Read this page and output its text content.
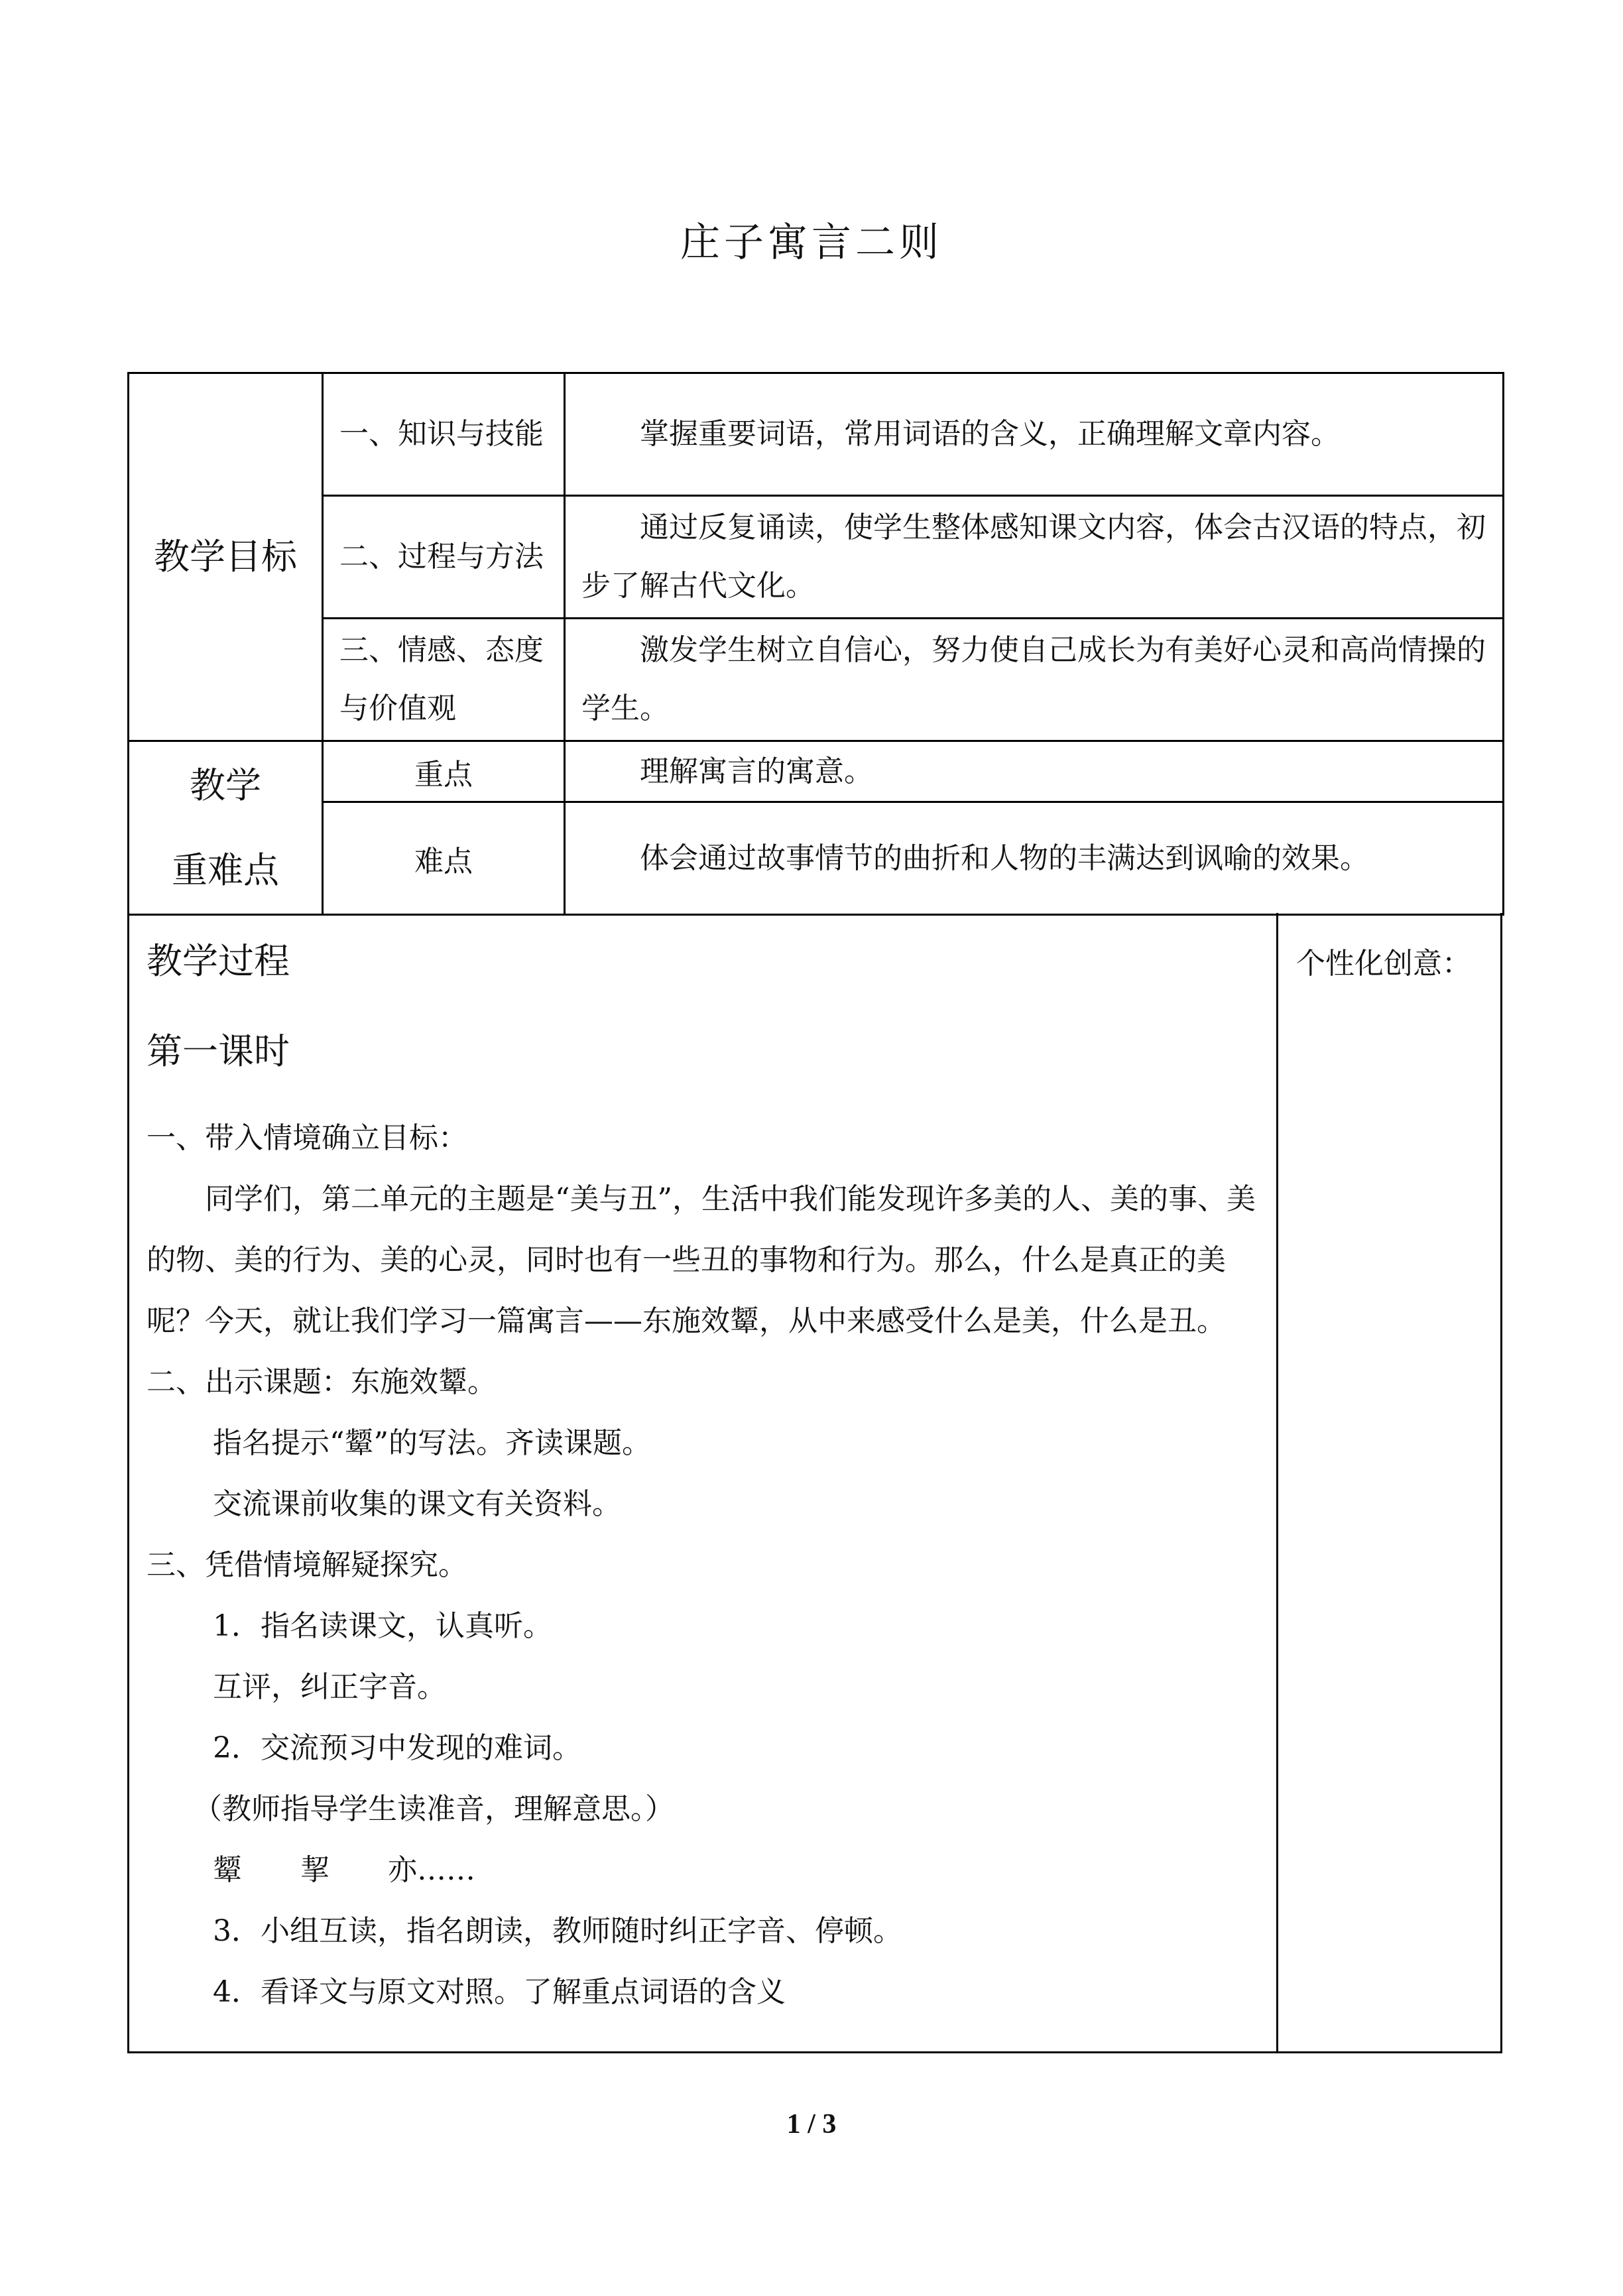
庄子寓言二则
教学目标	一、知识与技能	掌握重要词语，常用词语的含义，正确理解文章内容。
	二、过程与方法	通过反复诵读，使学生整体感知课文内容，体会古汉语的特点，初步了解古代文化。
	三、情感、态度与价值观	激发学生树立自信心，努力使自己成长为有美好心灵和高尚情操的学生。

教学
重难点	重点	理解寓言的寓意。
	难点	体会通过故事情节的曲折和人物的丰满达到讽喻的效果。
教学过程
第一课时

一、带入情境确立目标：

同学们，第二单元的主题是“美与丑”，生活中我们能发现许多美的人、美的事、美的物、美的行为、美的心灵，同时也有一些丑的事物和行为。那么，什么是真正的美呢？今天，就让我们学习一篇寓言——东施效颦，从中来感受什么是美，什么是丑。

二、出示课题：东施效颦。

指名提示“颦”的写法。齐读课题。

交流课前收集的课文有关资料。

三、凭借情境解疑探究。

1．指名读课文，认真听。

互评，纠正字音。

2．交流预习中发现的难词。

（教师指导学生读准音，理解意思。）

颦　　挈　　亦……

3．小组互读，指名朗读，教师随时纠正字音、停顿。

4．看译文与原文对照。了解重点词语的含义

个性化创意：
1 / 3
